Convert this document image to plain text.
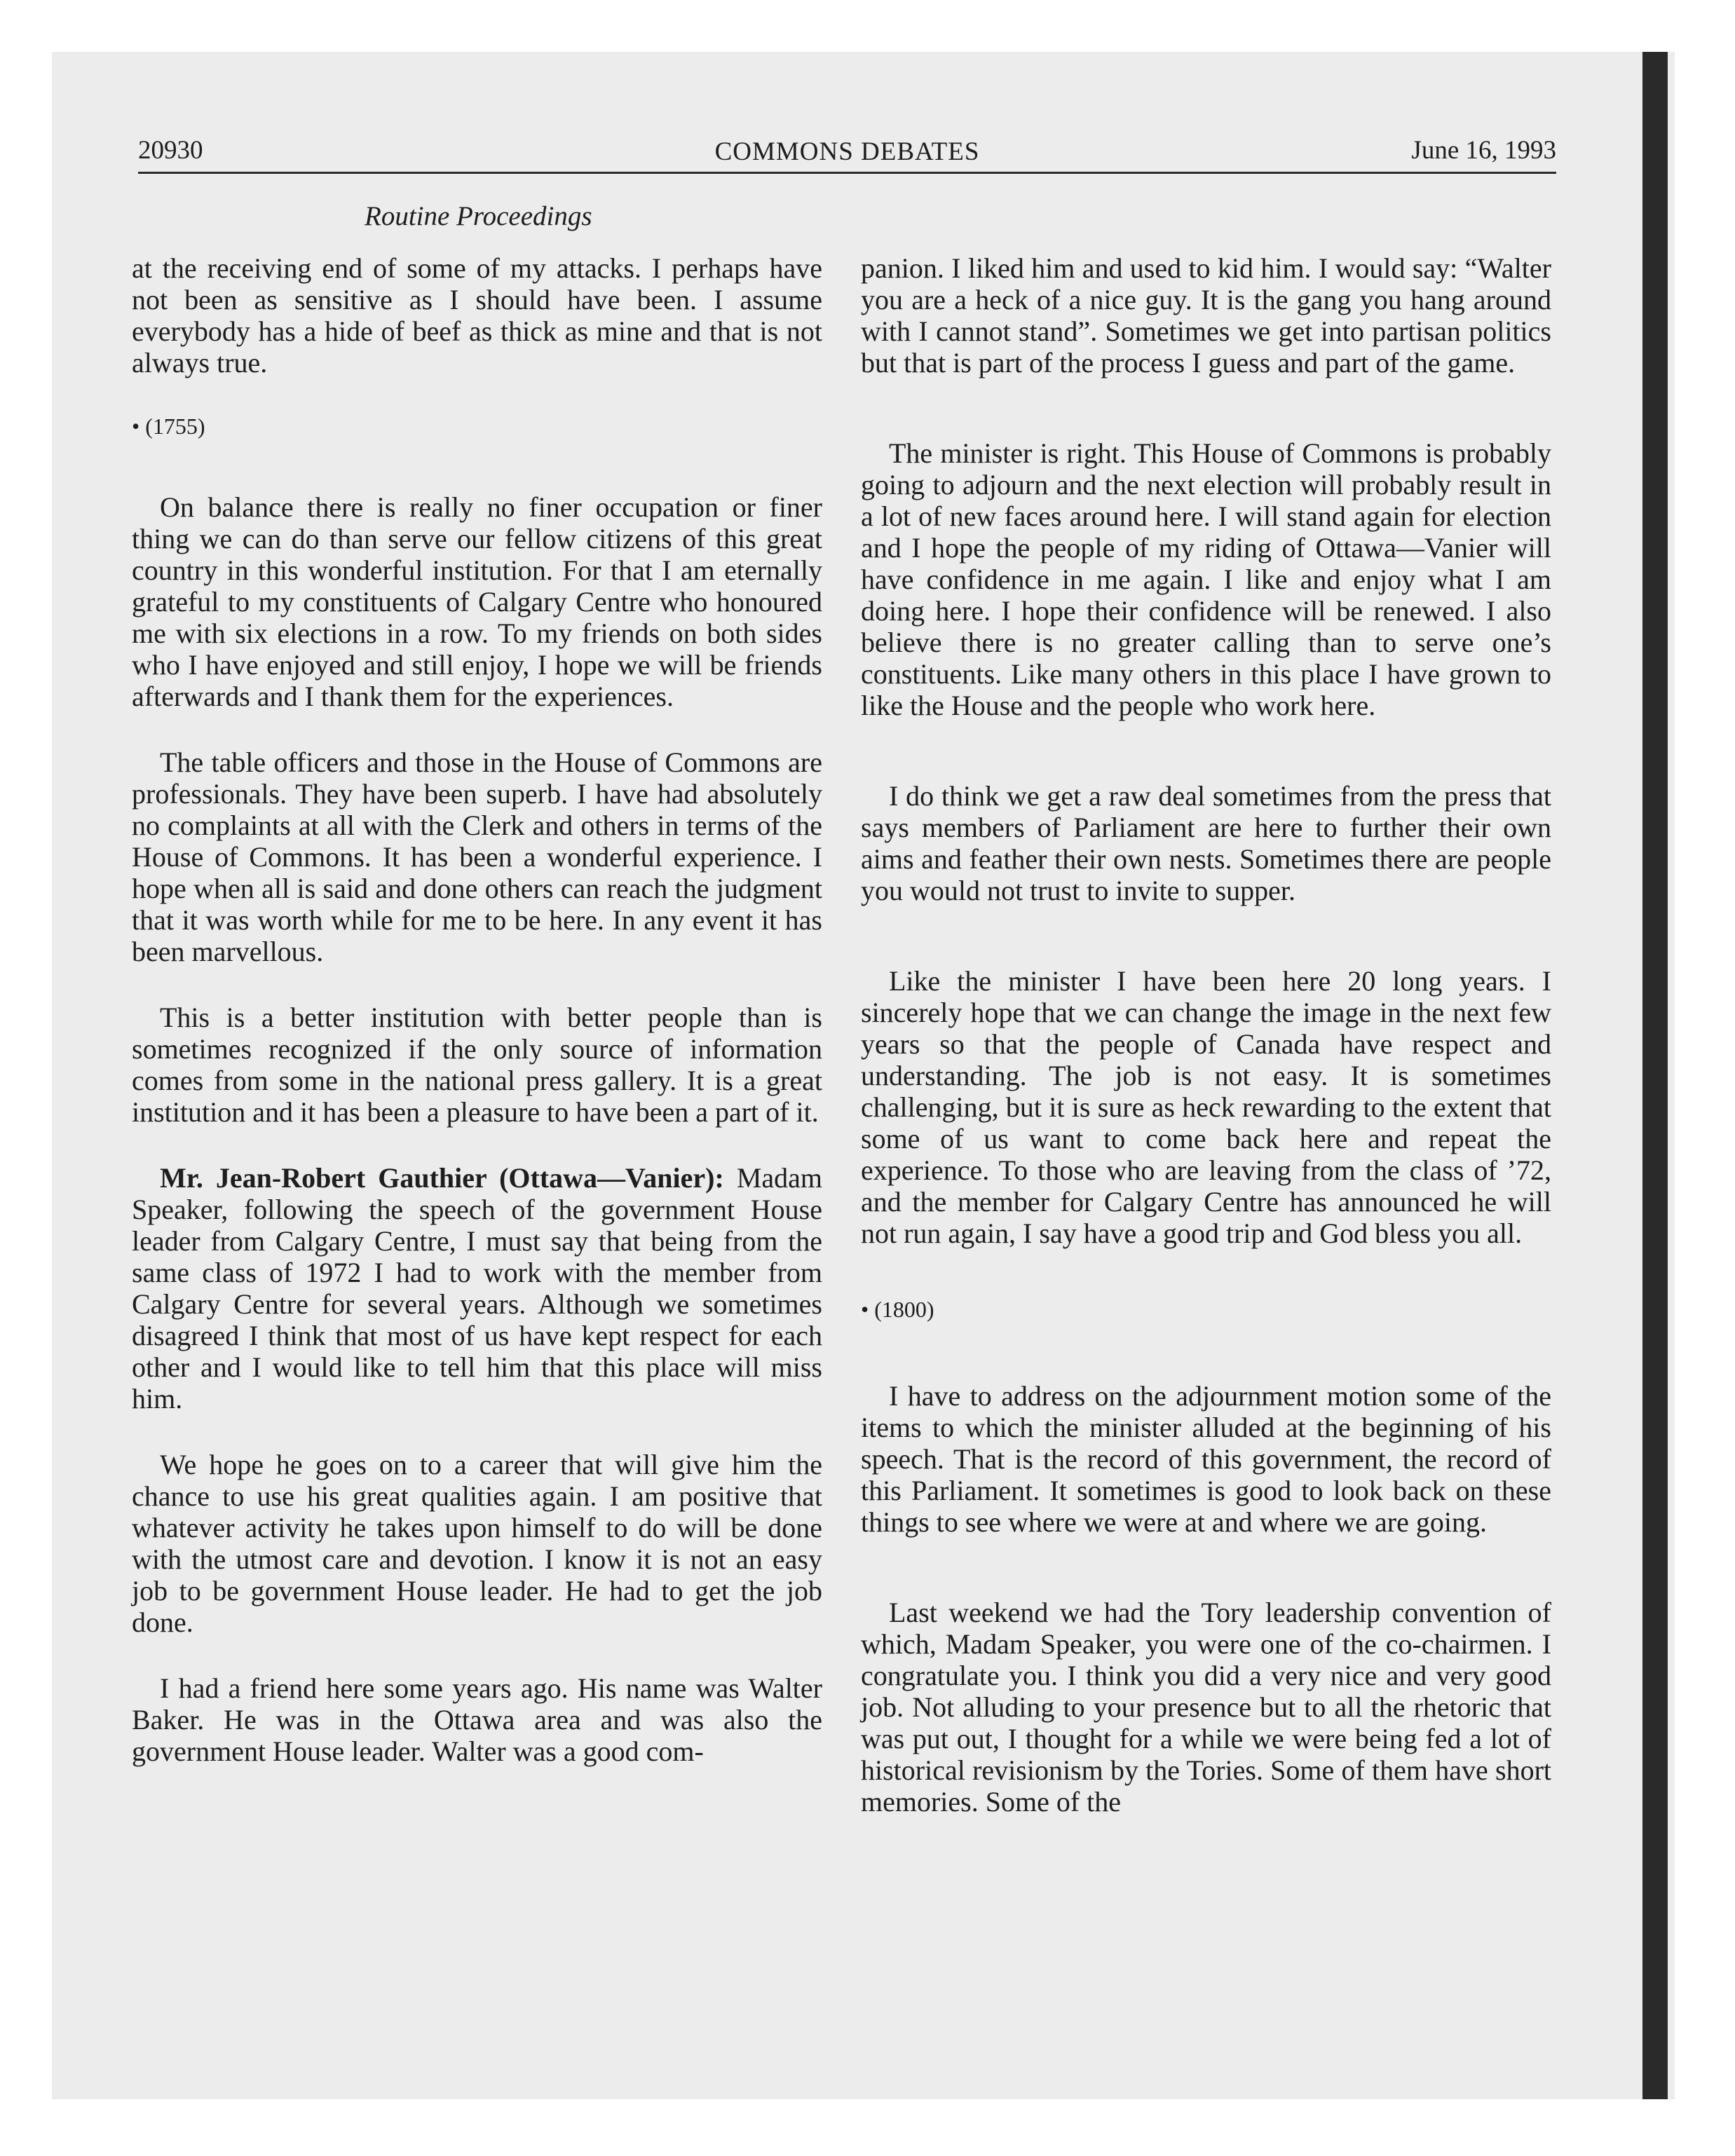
20930	COMMONS DEBATES	June 16, 1993
Routine Proceedings

at the receiving end of some of my attacks. I perhaps have not been as sensitive as I should have been. I assume everybody has a hide of beef as thick as mine and that is not always true.

• (1755)

On balance there is really no finer occupation or finer thing we can do than serve our fellow citizens of this great country in this wonderful institution. For that I am eternally grateful to my constituents of Calgary Centre who honoured me with six elections in a row. To my friends on both sides who I have enjoyed and still enjoy, I hope we will be friends afterwards and I thank them for the experiences.

The table officers and those in the House of Commons are professionals. They have been superb. I have had absolutely no complaints at all with the Clerk and others in terms of the House of Commons. It has been a wonderful experience. I hope when all is said and done others can reach the judgment that it was worth while for me to be here. In any event it has been marvellous.

This is a better institution with better people than is sometimes recognized if the only source of information comes from some in the national press gallery. It is a great institution and it has been a pleasure to have been a part of it.

Mr. Jean-Robert Gauthier (Ottawa—Vanier): Madam Speaker, following the speech of the government House leader from Calgary Centre, I must say that being from the same class of 1972 I had to work with the member from Calgary Centre for several years. Although we sometimes disagreed I think that most of us have kept respect for each other and I would like to tell him that this place will miss him.

We hope he goes on to a career that will give him the chance to use his great qualities again. I am positive that whatever activity he takes upon himself to do will be done with the utmost care and devotion. I know it is not an easy job to be government House leader. He had to get the job done.

I had a friend here some years ago. His name was Walter Baker. He was in the Ottawa area and was also the government House leader. Walter was a good com-

panion. I liked him and used to kid him. I would say: “Walter you are a heck of a nice guy. It is the gang you hang around with I cannot stand”. Sometimes we get into partisan politics but that is part of the process I guess and part of the game.

The minister is right. This House of Commons is probably going to adjourn and the next election will probably result in a lot of new faces around here. I will stand again for election and I hope the people of my riding of Ottawa—Vanier will have confidence in me again. I like and enjoy what I am doing here. I hope their confidence will be renewed. I also believe there is no greater calling than to serve one’s constituents. Like many others in this place I have grown to like the House and the people who work here.

I do think we get a raw deal sometimes from the press that says members of Parliament are here to further their own aims and feather their own nests. Sometimes there are people you would not trust to invite to supper.

Like the minister I have been here 20 long years. I sincerely hope that we can change the image in the next few years so that the people of Canada have respect and understanding. The job is not easy. It is sometimes challenging, but it is sure as heck rewarding to the extent that some of us want to come back here and repeat the experience. To those who are leaving from the class of ’72, and the member for Calgary Centre has announced he will not run again, I say have a good trip and God bless you all.

• (1800)

I have to address on the adjournment motion some of the items to which the minister alluded at the beginning of his speech. That is the record of this government, the record of this Parliament. It sometimes is good to look back on these things to see where we were at and where we are going.

Last weekend we had the Tory leadership convention of which, Madam Speaker, you were one of the co-chairmen. I congratulate you. I think you did a very nice and very good job. Not alluding to your presence but to all the rhetoric that was put out, I thought for a while we were being fed a lot of historical revisionism by the Tories. Some of them have short memories. Some of the
